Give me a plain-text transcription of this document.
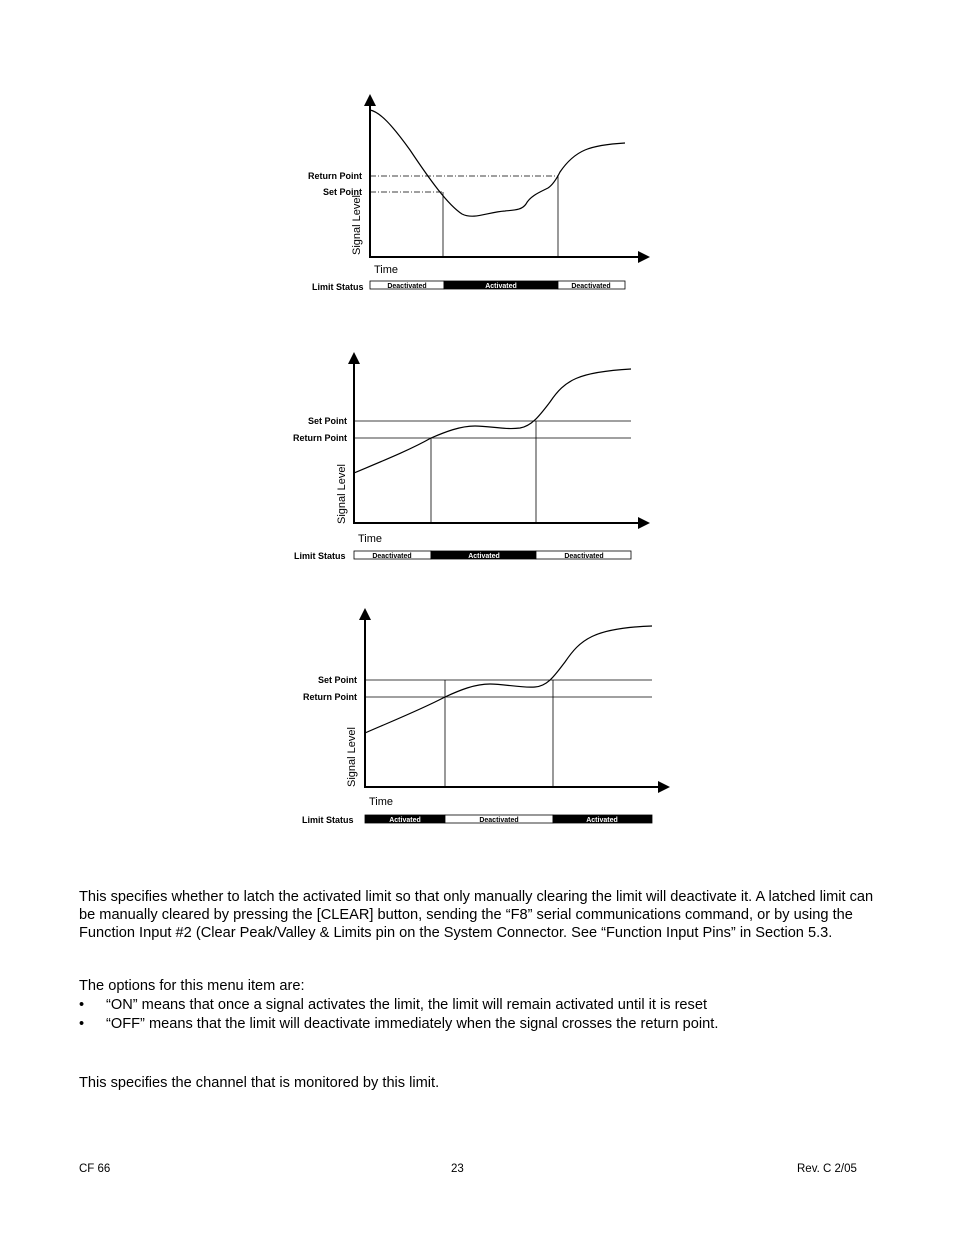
Return Point
Set Point
Signal Level
Time
Limit Status	Deactivated	Activated	Deactivated
Set Point
Return Point
Signal Level
Time
Limit Status	Deactivated	Activated	Deactivated
Set Point
Return Point
Signal Level
Time
Limit Status	Activated	Deactivated	Activated

This specifies whether to latch the activated limit so that only manually clearing the limit will deactivate it. A latched limit can be manually cleared by pressing the [CLEAR] button, sending the “F8” serial communications command, or by using the Function Input #2 (Clear Peak/Valley & Limits pin on the System Connector. See “Function Input Pins” in Section 5.3.

The options for this menu item are:

• “ON” means that once a signal activates the limit, the limit will remain activated until it is reset
• “OFF” means that the limit will deactivate immediately when the signal crosses the return point.

This specifies the channel that is monitored by this limit.

CF 66	23	Rev. C 2/05
